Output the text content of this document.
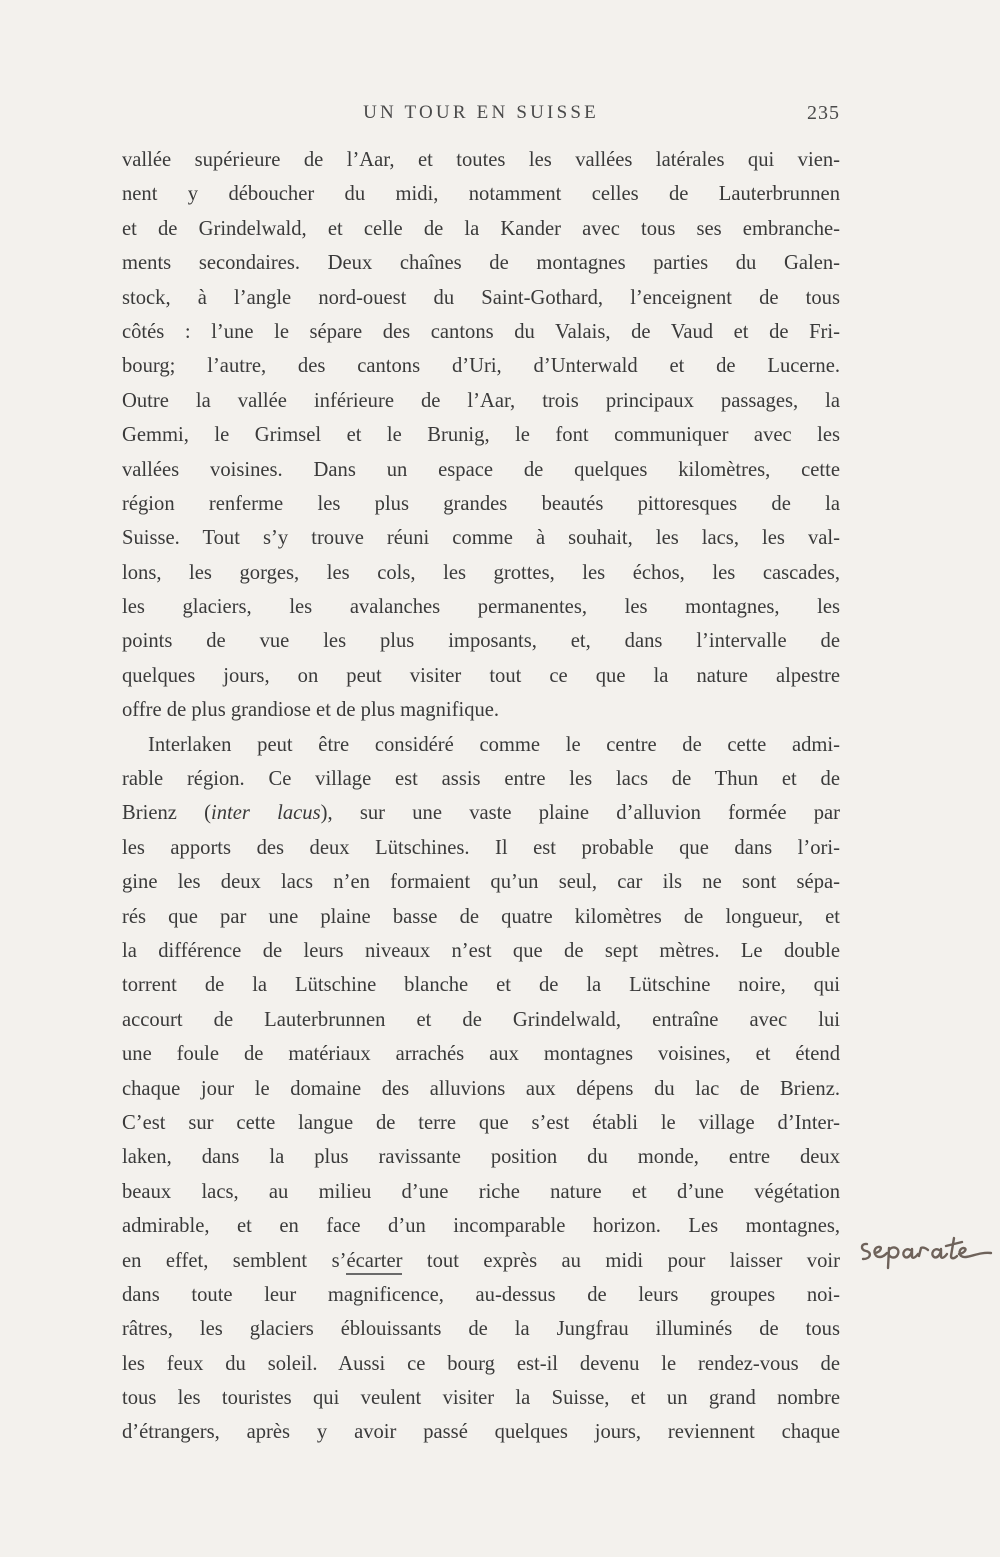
UN TOUR EN SUISSE	235
vallée supérieure de l’Aar, et toutes les vallées latérales qui vien-
nent y déboucher du midi, notamment celles de Lauterbrunnen
et de Grindelwald, et celle de la Kander avec tous ses embranche-
ments secondaires. Deux chaînes de montagnes parties du Galen-
stock, à l’angle nord-ouest du Saint-Gothard, l’enceignent de tous
côtés : l’une le sépare des cantons du Valais, de Vaud et de Fri-
bourg; l’autre, des cantons d’Uri, d’Unterwald et de Lucerne.
Outre la vallée inférieure de l’Aar, trois principaux passages, la
Gemmi, le Grimsel et le Brunig, le font communiquer avec les
vallées voisines. Dans un espace de quelques kilomètres, cette
région renferme les plus grandes beautés pittoresques de la
Suisse. Tout s’y trouve réuni comme à souhait, les lacs, les val-
lons, les gorges, les cols, les grottes, les échos, les cascades,
les glaciers, les avalanches permanentes, les montagnes, les
points de vue les plus imposants, et, dans l’intervalle de
quelques jours, on peut visiter tout ce que la nature alpestre
offre de plus grandiose et de plus magnifique.
Interlaken peut être considéré comme le centre de cette admi-
rable région. Ce village est assis entre les lacs de Thun et de
Brienz (inter lacus), sur une vaste plaine d’alluvion formée par
les apports des deux Lütschines. Il est probable que dans l’ori-
gine les deux lacs n’en formaient qu’un seul, car ils ne sont sépa-
rés que par une plaine basse de quatre kilomètres de longueur, et
la différence de leurs niveaux n’est que de sept mètres. Le double
torrent de la Lütschine blanche et de la Lütschine noire, qui
accourt de Lauterbrunnen et de Grindelwald, entraîne avec lui
une foule de matériaux arrachés aux montagnes voisines, et étend
chaque jour le domaine des alluvions aux dépens du lac de Brienz.
C’est sur cette langue de terre que s’est établi le village d’Inter-
laken, dans la plus ravissante position du monde, entre deux
beaux lacs, au milieu d’une riche nature et d’une végétation
admirable, et en face d’un incomparable horizon. Les montagnes,
en effet, semblent s’écarter tout exprès au midi pour laisser voir
dans toute leur magnificence, au-dessus de leurs groupes noi-
râtres, les glaciers éblouissants de la Jungfrau illuminés de tous
les feux du soleil. Aussi ce bourg est-il devenu le rendez-vous de
tous les touristes qui veulent visiter la Suisse, et un grand nombre
d’étrangers, après y avoir passé quelques jours, reviennent chaque
